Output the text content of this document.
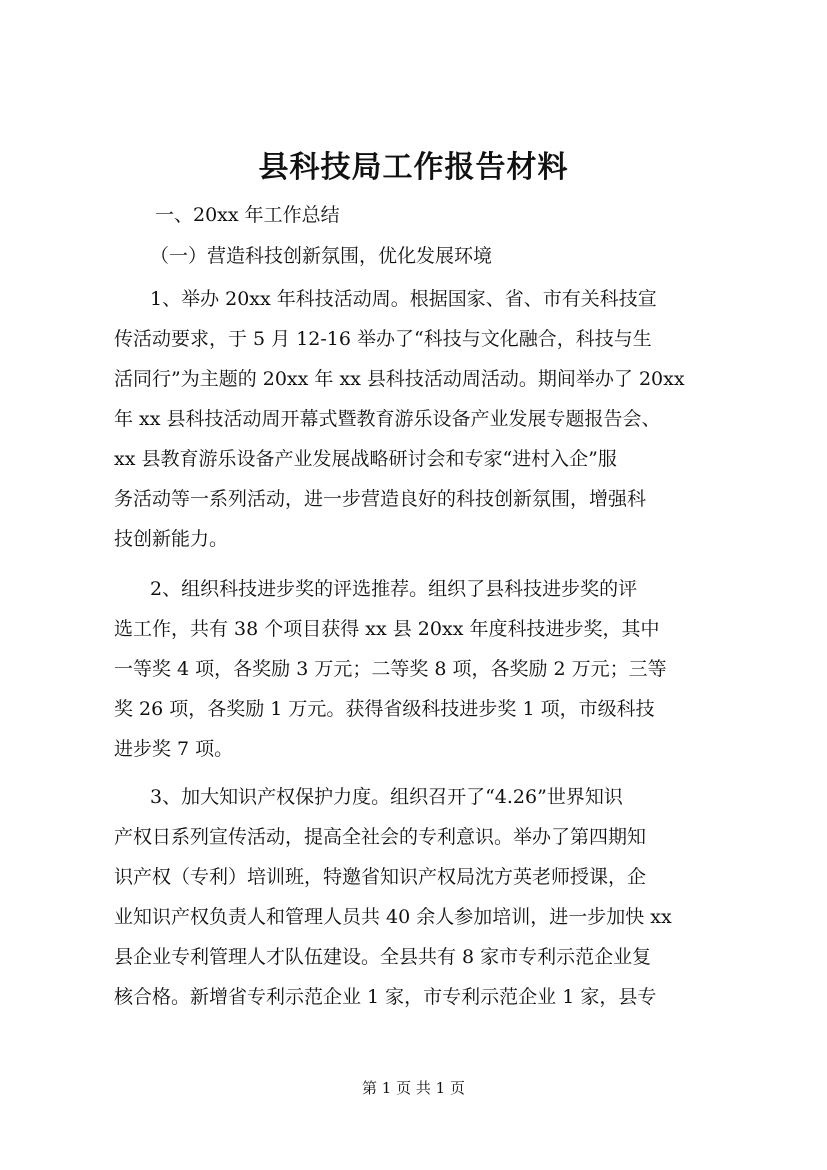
县科技局工作报告材料
一、20xx 年工作总结
（一）营造科技创新氛围，优化发展环境
1、举办 20xx 年科技活动周。根据国家、省、市有关科技宣
传活动要求，于 5 月 12-16 举办了“科技与文化融合，科技与生
活同行”为主题的 20xx 年 xx 县科技活动周活动。期间举办了 20xx
年 xx 县科技活动周开幕式暨教育游乐设备产业发展专题报告会、
xx 县教育游乐设备产业发展战略研讨会和专家“进村入企”服
务活动等一系列活动，进一步营造良好的科技创新氛围，增强科
技创新能力。
2、组织科技进步奖的评选推荐。组织了县科技进步奖的评
选工作，共有 38 个项目获得 xx 县 20xx 年度科技进步奖，其中
一等奖 4 项，各奖励 3 万元；二等奖 8 项，各奖励 2 万元；三等
奖 26 项，各奖励 1 万元。获得省级科技进步奖 1 项，市级科技
进步奖 7 项。
3、加大知识产权保护力度。组织召开了“4.26”世界知识
产权日系列宣传活动，提高全社会的专利意识。举办了第四期知
识产权（专利）培训班，特邀省知识产权局沈方英老师授课，企
业知识产权负责人和管理人员共 40 余人参加培训，进一步加快 xx
县企业专利管理人才队伍建设。全县共有 8 家市专利示范企业复
核合格。新增省专利示范企业 1 家，市专利示范企业 1 家，县专
第 1 页 共 1 页
